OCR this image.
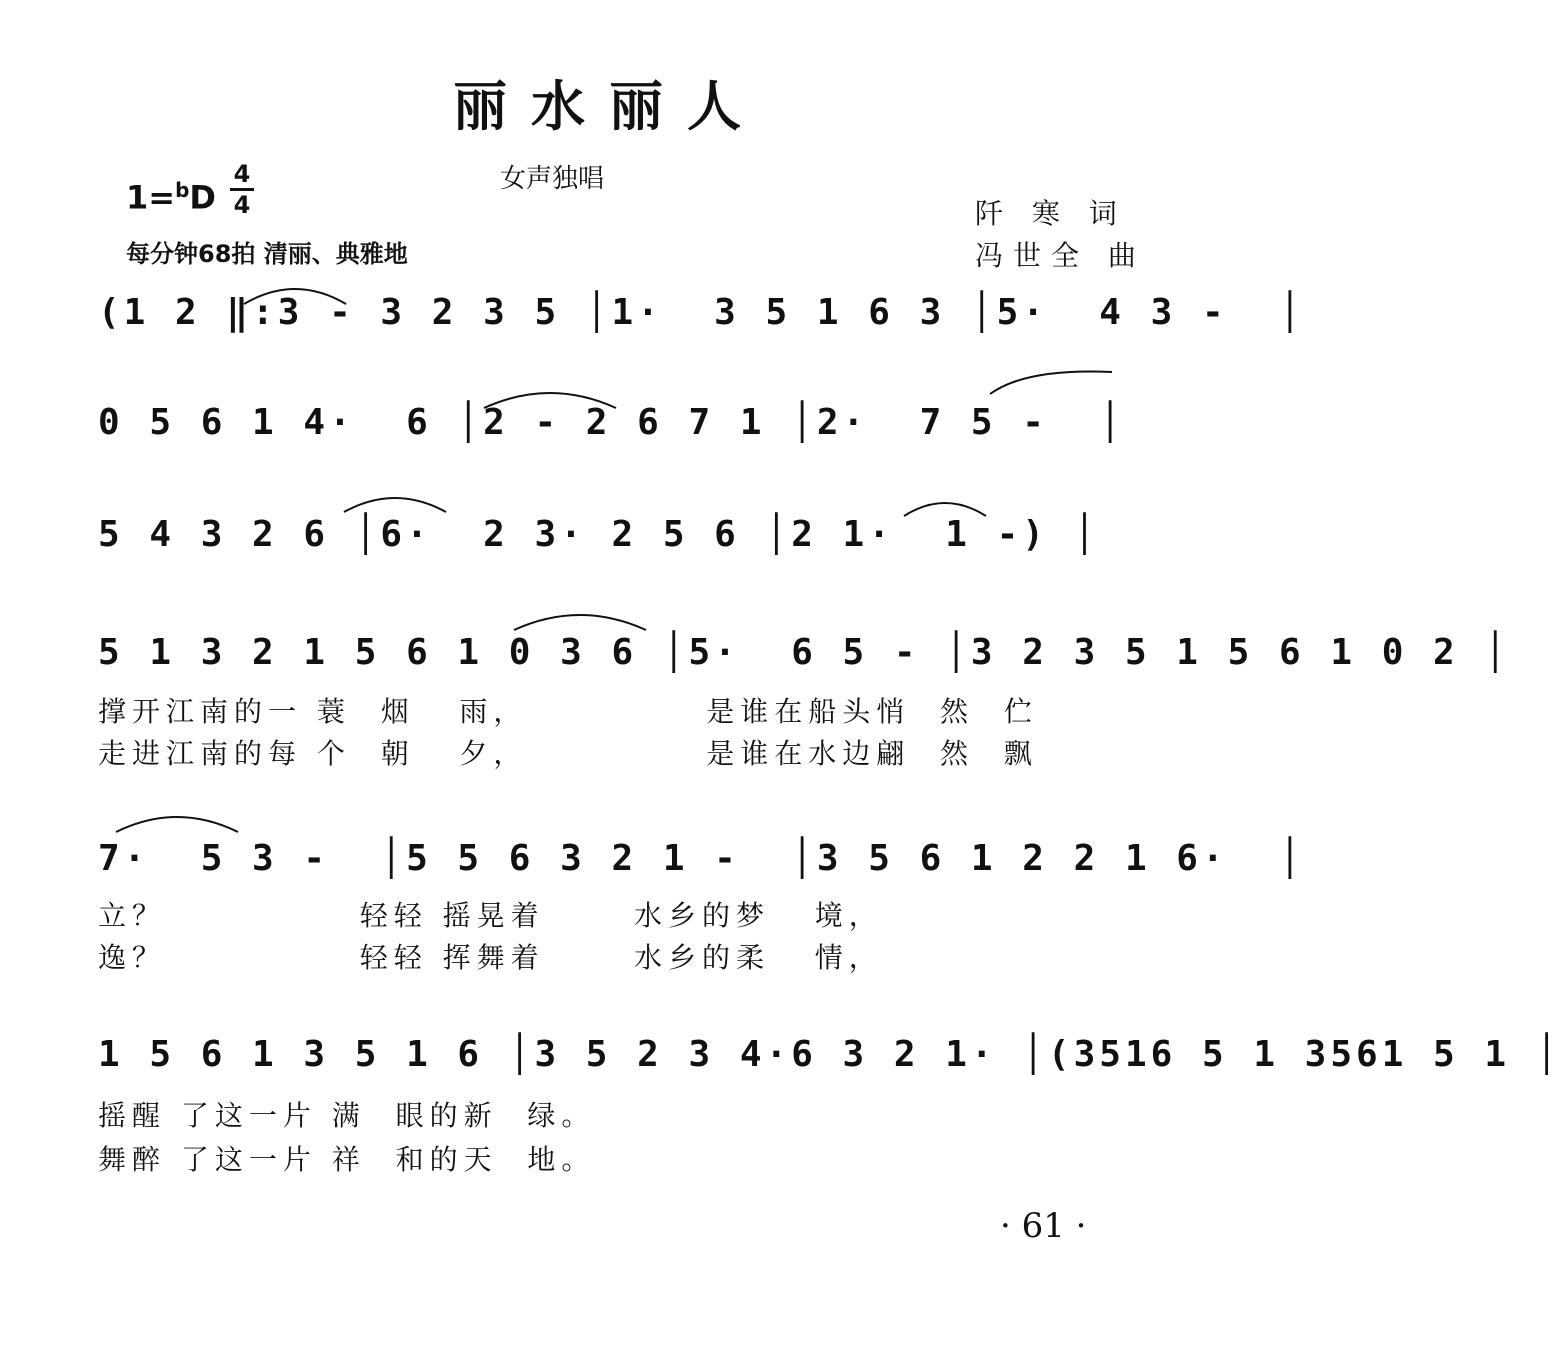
丽水丽人
女声独唱
1=$^b$D
4
4
每分钟68拍 清丽、典雅地
阡 寒 词
冯世全 曲
(1 2 ‖:3 - 3 2 3 5 │1·  3 5 1 6 3 │5·  4 3 -  │
0 5 6 1 4·  6 │2 - 2 6 7 1 │2·  7 5 -  │
5 4 3 2 6 │6·  2 3· 2 5 6 │2 1·  1 -) │
5 1 3 2 1 5 6 1 0 3 6 │5·  6 5 - │3 2 3 5 1 5 6 1 0 2 │
撑开江南的一 蓑  烟   雨，            是谁在船头悄  然  伫
走进江南的每 个  朝   夕，            是谁在水边翩  然  飘
7·  5 3 -  │5 5 6 3 2 1 -  │3 5 6 1 2 2 1 6·  │
立？             轻轻 摇晃着      水乡的梦   境，
逸？             轻轻 挥舞着      水乡的柔   情，
1 5 6 1 3 5 1 6 │3 5 2 3 4·6 3 2 1· │(3516 5 1 3561 5 1 │
摇醒 了这一片 满  眼的新  绿。
舞醉 了这一片 祥  和的天  地。
· 61 ·
